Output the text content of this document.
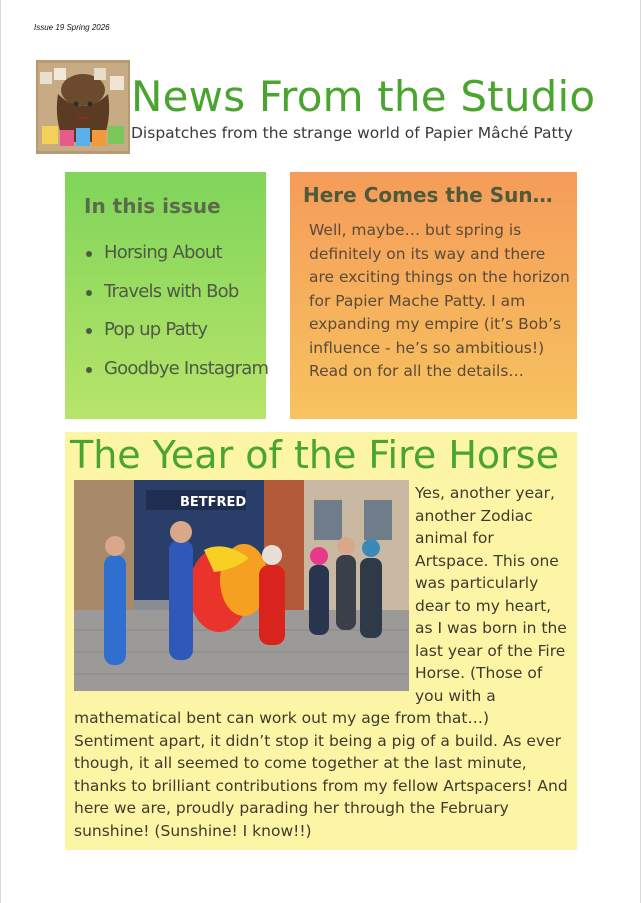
Issue 19 Spring 2026
News From the Studio
Dispatches from the strange world of Papier Mâché Patty
In this issue
Horsing About
Travels with Bob
Pop up Patty
Goodbye Instagram
Here Comes the Sun…

Well, maybe… but spring is definitely on its way and there are exciting things on the horizon for Papier Mache Patty. I am expanding my empire (it’s Bob’s influence - he’s so ambitious!) Read on for all the details…

The Year of the Fire Horse
BETFRED

Yes, another year, another Zodiac animal for Artspace. This one was particularly dear to my heart, as I was born in the last year of the Fire Horse. (Those of you with a mathematical bent can work out my age from that…) Sentiment apart, it didn’t stop it being a pig of a build. As ever though, it all seemed to come together at the last minute, thanks to brilliant contributions from my fellow Artspacers! And here we are, proudly parading her through the February sunshine! (Sunshine! I know!!)
